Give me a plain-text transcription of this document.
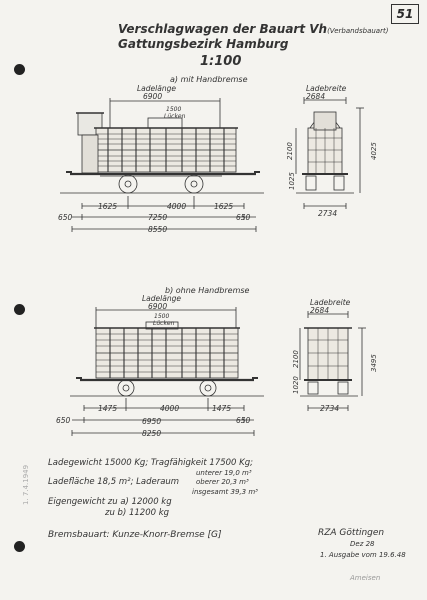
51
1. 7.4.1949
Verschlagwagen der Bauart Vh(Verbandsbauart)
Gattungsbezirk Hamburg
1:100
a) mit Handbremse
Ladelänge
6900
1500
Lücken
Ladebreite
2684
2100	4025
1025
1625	4000	1625
650	7250	650
8550
2734
b) ohne Handbremse
Ladelänge
6900
1500
Lücken
Ladebreite
2684
2100	3495
1020
1475	4000	1475
650	6950	650
8250
2734
Ladegewicht 15000 Kg; Tragfähigkeit 17500 Kg;
unterer 19,0 m³
Ladefläche 18,5 m²; Laderaum oberer 20,3 m³
insgesamt 39,3 m³
Eigengewicht zu a) 12000 kg
zu b) 11200 kg
Bremsbauart: Kunze-Knorr-Bremse [G]	RZA Göttingen
Dez 28
1. Ausgabe vom 19.6.48
Ameisen
